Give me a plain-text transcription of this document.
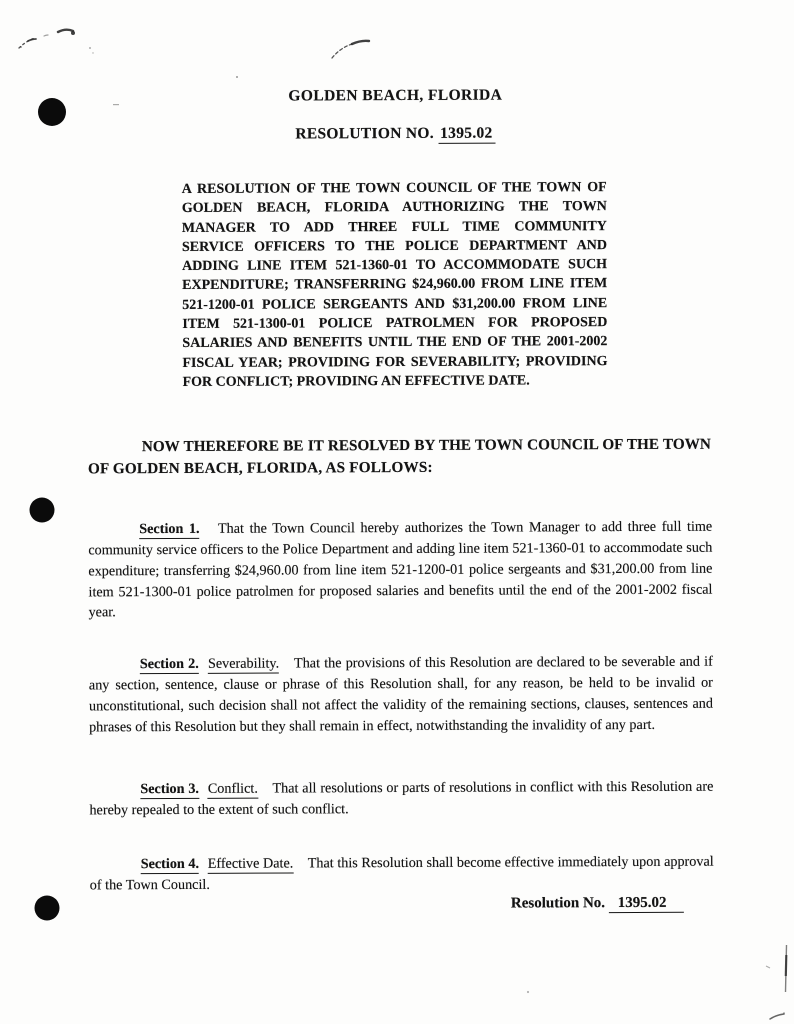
GOLDEN BEACH, FLORIDA
RESOLUTION NO. 1395.02
A RESOLUTION OF THE TOWN COUNCIL OF THE TOWN OF
GOLDEN BEACH, FLORIDA AUTHORIZING THE TOWN
MANAGER TO ADD THREE FULL TIME COMMUNITY
SERVICE OFFICERS TO THE POLICE DEPARTMENT AND
ADDING LINE ITEM 521-1360-01 TO ACCOMMODATE SUCH
EXPENDITURE; TRANSFERRING $24,960.00 FROM LINE ITEM
521-1200-01 POLICE SERGEANTS AND $31,200.00 FROM LINE
ITEM 521-1300-01 POLICE PATROLMEN FOR PROPOSED
SALARIES AND BENEFITS UNTIL THE END OF THE 2001-2002
FISCAL YEAR; PROVIDING FOR SEVERABILITY; PROVIDING
FOR CONFLICT; PROVIDING AN EFFECTIVE DATE.
NOW THEREFORE BE IT RESOLVED BY THE TOWN COUNCIL OF THE TOWN
OF GOLDEN BEACH, FLORIDA, AS FOLLOWS:

Section 1. That the Town Council hereby authorizes the Town Manager to add three full time community service officers to the Police Department and adding line item 521-1360-01 to accommodate such expenditure; transferring $24,960.00 from line item 521-1200-01 police sergeants and $31,200.00 from line item 521-1300-01 police patrolmen for proposed salaries and benefits until the end of the 2001-2002 fiscal year.

Section 2. Severability. That the provisions of this Resolution are declared to be severable and if any section, sentence, clause or phrase of this Resolution shall, for any reason, be held to be invalid or unconstitutional, such decision shall not affect the validity of the remaining sections, clauses, sentences and phrases of this Resolution but they shall remain in effect, notwithstanding the invalidity of any part.

Section 3. Conflict. That all resolutions or parts of resolutions in conflict with this Resolution are hereby repealed to the extent of such conflict.

Section 4. Effective Date. That this Resolution shall become effective immediately upon approval of the Town Council.

Resolution No. 1395.02
